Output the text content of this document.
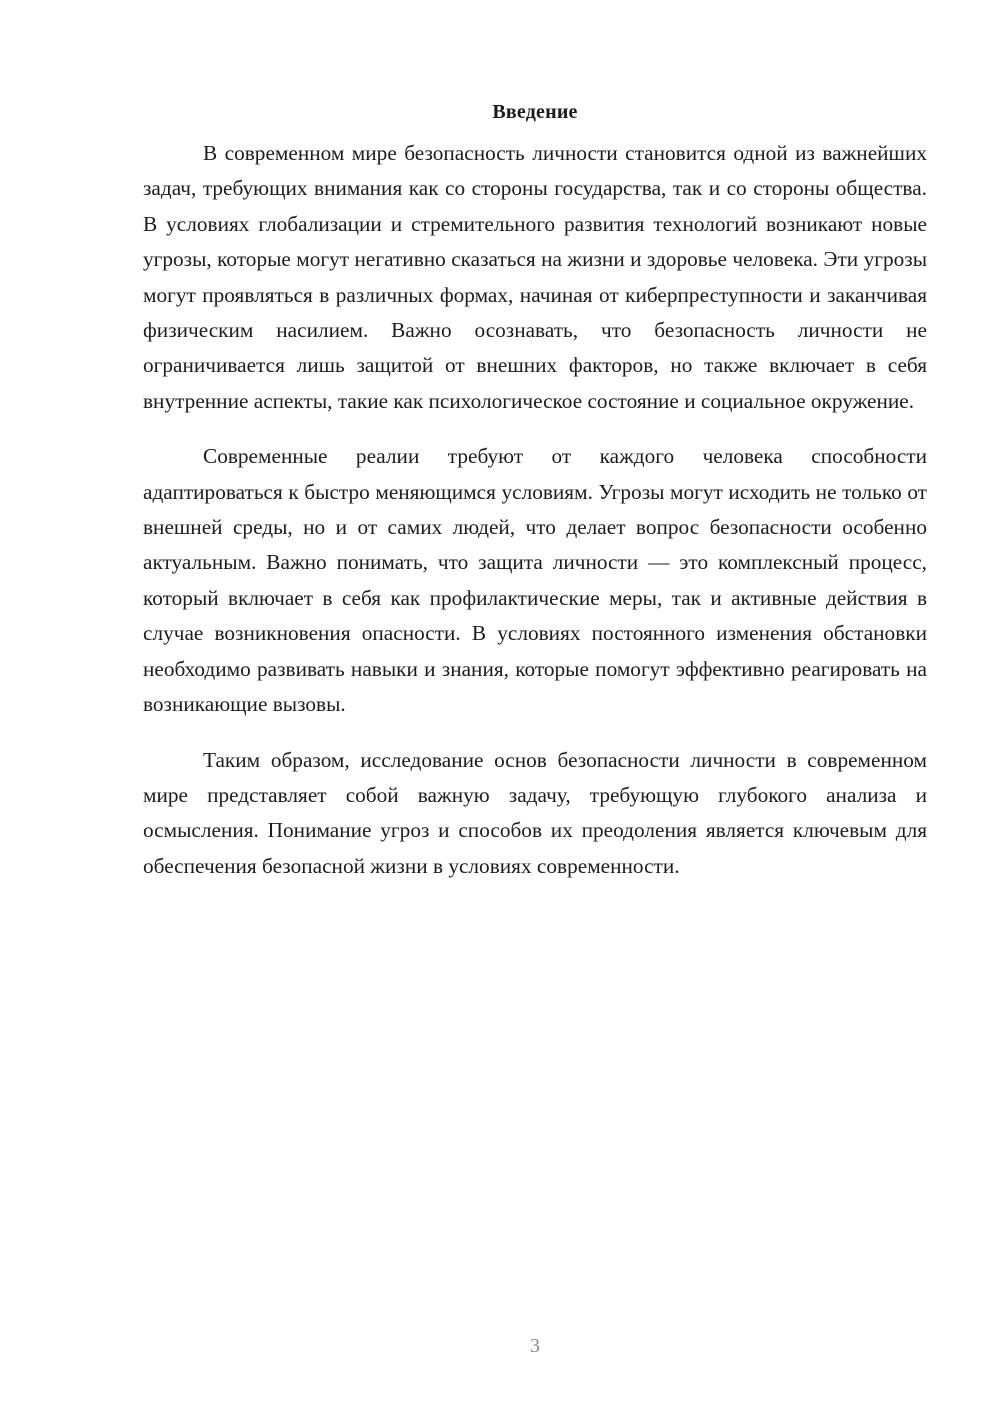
Введение

В современном мире безопасность личности становится одной из важнейших задач, требующих внимания как со стороны государства, так и со стороны общества. В условиях глобализации и стремительного развития технологий возникают новые угрозы, которые могут негативно сказаться на жизни и здоровье человека. Эти угрозы могут проявляться в различных формах, начиная от киберпреступности и заканчивая физическим насилием. Важно осознавать, что безопасность личности не ограничивается лишь защитой от внешних факторов, но также включает в себя внутренние аспекты, такие как психологическое состояние и социальное окружение.

Современные реалии требуют от каждого человека способности адаптироваться к быстро меняющимся условиям. Угрозы могут исходить не только от внешней среды, но и от самих людей, что делает вопрос безопасности особенно актуальным. Важно понимать, что защита личности — это комплексный процесс, который включает в себя как профилактические меры, так и активные действия в случае возникновения опасности. В условиях постоянного изменения обстановки необходимо развивать навыки и знания, которые помогут эффективно реагировать на возникающие вызовы.

Таким образом, исследование основ безопасности личности в современном мире представляет собой важную задачу, требующую глубокого анализа и осмысления. Понимание угроз и способов их преодоления является ключевым для обеспечения безопасной жизни в условиях современности.

3
